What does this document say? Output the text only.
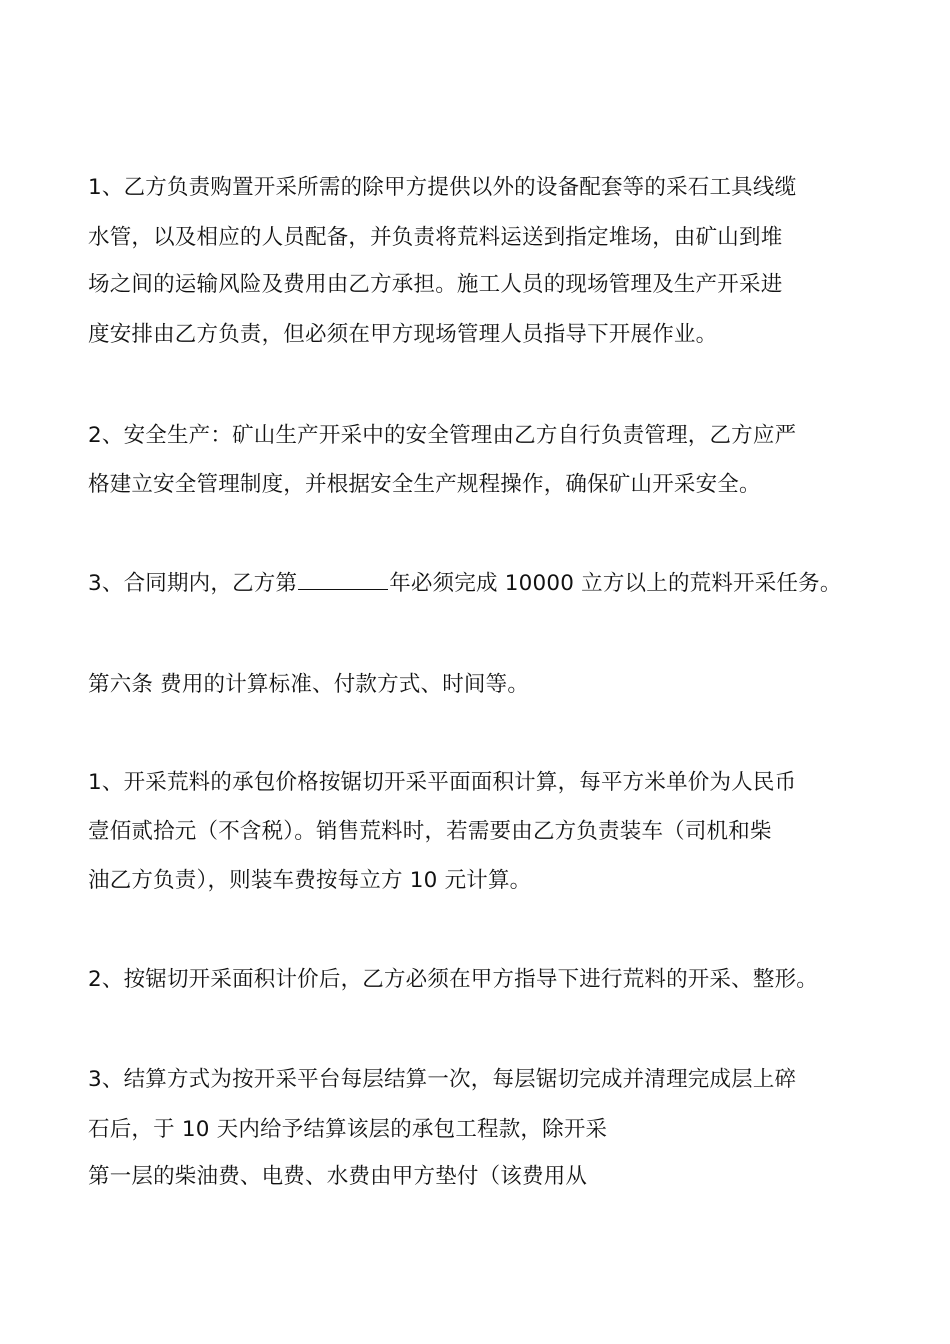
1、乙方负责购置开采所需的除甲方提供以外的设备配套等的采石工具线缆
水管，以及相应的人员配备，并负责将荒料运送到指定堆场，由矿山到堆
场之间的运输风险及费用由乙方承担。施工人员的现场管理及生产开采进
度安排由乙方负责，但必须在甲方现场管理人员指导下开展作业。
2、安全生产：矿山生产开采中的安全管理由乙方自行负责管理，乙方应严
格建立安全管理制度，并根据安全生产规程操作，确保矿山开采安全。
3、合同期内，乙方第	年必须完成 10000 立方以上的荒料开采任务。
第六条 费用的计算标准、付款方式、时间等。
1、开采荒料的承包价格按锯切开采平面面积计算，每平方米单价为人民币
壹佰贰拾元（不含税）。销售荒料时，若需要由乙方负责装车（司机和柴
油乙方负责），则装车费按每立方 10 元计算。
2、按锯切开采面积计价后，乙方必须在甲方指导下进行荒料的开采、整形。
3、结算方式为按开采平台每层结算一次，每层锯切完成并清理完成层上碎
石后，于 10 天内给予结算该层的承包工程款，除开采
第一层的柴油费、电费、水费由甲方垫付（该费用从
